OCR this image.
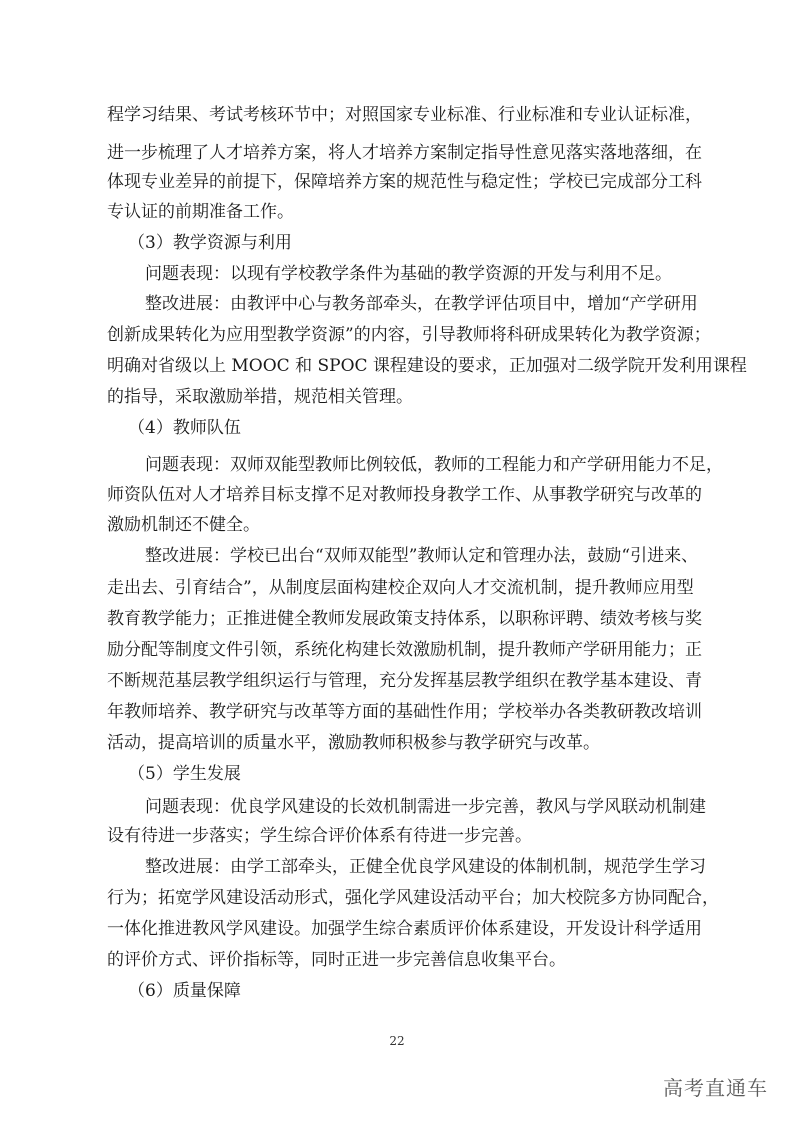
程学习结果、考试考核环节中；对照国家专业标准、行业标准和专业认证标准，
进一步梳理了人才培养方案，将人才培养方案制定指导性意见落实落地落细，在
体现专业差异的前提下，保障培养方案的规范性与稳定性；学校已完成部分工科
专认证的前期准备工作。
（3）教学资源与利用
问题表现：以现有学校教学条件为基础的教学资源的开发与利用不足。
整改进展：由教评中心与教务部牵头，在教学评估项目中，增加“产学研用
创新成果转化为应用型教学资源”的内容，引导教师将科研成果转化为教学资源；
明确对省级以上 MOOC 和 SPOC 课程建设的要求，正加强对二级学院开发利用课程
的指导，采取激励举措，规范相关管理。
（4）教师队伍
问题表现：双师双能型教师比例较低，教师的工程能力和产学研用能力不足，
师资队伍对人才培养目标支撑不足对教师投身教学工作、从事教学研究与改革的
激励机制还不健全。
整改进展：学校已出台“双师双能型”教师认定和管理办法，鼓励“引进来、
走出去、引育结合”，从制度层面构建校企双向人才交流机制，提升教师应用型
教育教学能力；正推进健全教师发展政策支持体系，以职称评聘、绩效考核与奖
励分配等制度文件引领，系统化构建长效激励机制，提升教师产学研用能力；正
不断规范基层教学组织运行与管理，充分发挥基层教学组织在教学基本建设、青
年教师培养、教学研究与改革等方面的基础性作用；学校举办各类教研教改培训
活动，提高培训的质量水平，激励教师积极参与教学研究与改革。
（5）学生发展
问题表现：优良学风建设的长效机制需进一步完善，教风与学风联动机制建
设有待进一步落实；学生综合评价体系有待进一步完善。
整改进展：由学工部牵头，正健全优良学风建设的体制机制，规范学生学习
行为；拓宽学风建设活动形式，强化学风建设活动平台；加大校院多方协同配合，
一体化推进教风学风建设。加强学生综合素质评价体系建设，开发设计科学适用
的评价方式、评价指标等，同时正进一步完善信息收集平台。
（6）质量保障
22
高考直通车
